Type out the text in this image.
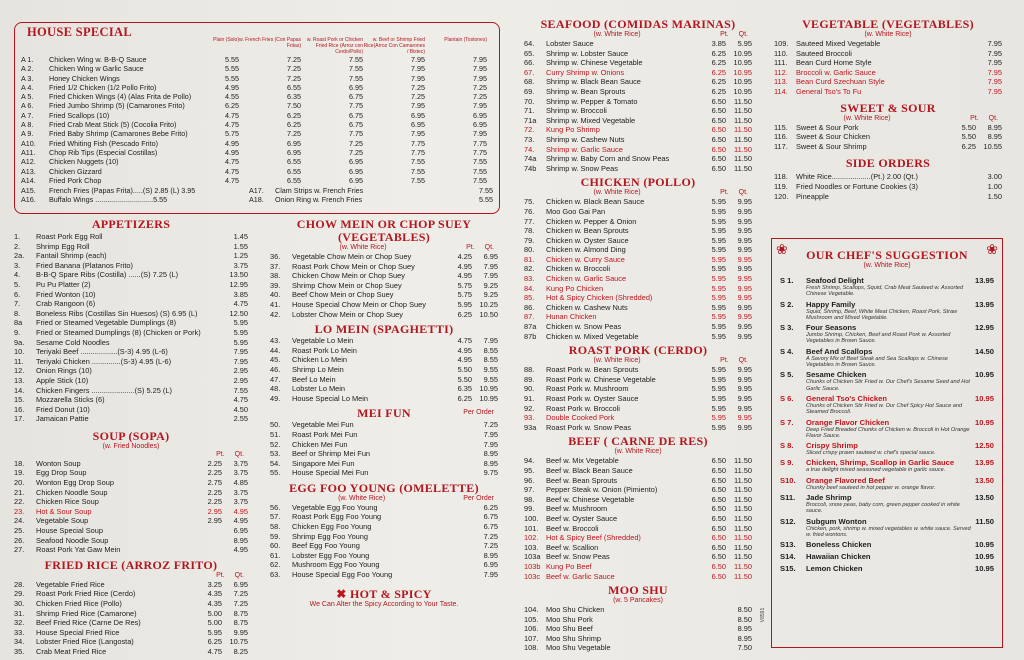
HOUSE SPECIAL
Plain (Solo) w. French Fries (Con Papas Fritas)
w. Roast Pork or Chicken Fried Rice (Arroz con Cerdo/Pollo)
w. Beef or Shrimp Fried Rice(Arroz Con Camarones / Bistec)
Plantain (Tostones)
A 1.	Chicken Wing w. B-B-Q Sauce	5.55	7.25	7.55	7.95	7.95
A 2.	Chicken Wing w Garlic Sauce	5.55	7.25	7.55	7.95	7.95
A 3.	Honey Chicken Wings	5.55	7.25	7.55	7.95	7.95
A 4.	Fried 1/2 Chicken (1/2 Pollo Frito)	4.95	6.55	6.95	7.25	7.25
A 5.	Fried Chicken Wings (4) (Alas Frita de Pollo)	4.55	6.35	6.75	7.25	7.25
A 6.	Fried Jumbo Shrimp (5) (Camarones Frito)	6.25	7.50	7.75	7.95	7.95
A 7.	Fried Scallops (10)	4.75	6.25	6.75	6.95	6.95
A 8.	Fried Crab Meat Stick (5) (Cocolia Frito)	4.75	6.25	6.75	6.95	6.95
A 9.	Fried Baby Shrimp (Camarones Bebe Frito)	5.75	7.25	7.75	7.95	7.95
A10.	Fried Whiting Fish (Pescado Frito)	4.95	6.95	7.25	7.75	7.75
A11.	Chop Rib Tips (Especial Costillas)	4.95	6.95	7.25	7.75	7.75
A12.	Chicken Nuggets (10)	4.75	6.55	6.95	7.55	7.55
A13.	Chicken Gizzard	4.75	6.55	6.95	7.55	7.55
A14.	Fried Pork Chop	4.75	6.55	6.95	7.55	7.55
A15.	French Fries (Papas Frita).....(S) 2.85 (L) 3.95	A17.	Clam Strips w. French Fries	7.55
A16.	Buffalo Wings .............................5.55	A18.	Onion Ring w. French Fries	5.55
APPETIZERS
1.	Roast Pork Egg Roll	1.45
2.	Shrimp Egg Roll	1.55
2a.	Fantail Shrimp (each)	1.25
3.	Fried Banana (Platanos Frito)	3.75
4.	B-B-Q Spare Ribs (Costilla) ......(S) 7.25 (L)	13.50
5.	Pu Pu Platter (2)	12.95
6.	Fried Wonton (10)	3.85
7.	Crab Rangoon (6)	4.75
8.	Boneless Ribs (Costillas Sin Huesos) (S) 6.95 (L)	12.50
8a	Fried or Steamed Vegetable Dumplings (8)	5.95
9.	Fried or Steamed Dumplings (8) (Chicken or Pork)	5.95
9a.	Sesame Cold Noodles	5.95
10.	Teriyaki Beef ..................(S-3) 4.95 (L-6)	7.95
11.	Teriyaki Chicken ..............(S-3) 4.95 (L-6)	7.95
12.	Onion Rings (10)	2.95
13.	Apple Stick (10)	2.95
14.	Chicken Fingers .....................(S) 5.25 (L)	7.55
15.	Mozzarella Sticks (6)	4.75
16.	Fried Donut (10)	4.50
17.	Jamaican Pattie	2.55
SOUP (SOPA)
(w. Fried Noodles)
Pt. Qt.
18.	Wonton Soup	2.25	3.75
19.	Egg Drop Soup	2.25	3.75
20.	Wonton Egg Drop Soup	2.75	4.85
21.	Chicken Noodle Soup	2.25	3.75
22.	Chicken Rice Soup	2.25	3.75
23.	Hot & Sour Soup	2.95	4.95
24.	Vegetable Soup	2.95	4.95
25.	House Special Soup	6.95
26.	Seafood Noodle Soup	8.95
27.	Roast Pork Yat Gaw Mein	4.95
FRIED RICE (ARROZ FRITO)
Pt. Qt.
28.	Vegetable Fried Rice	3.25	6.95
29.	Roast Pork Fried Rice (Cerdo)	4.35	7.25
30.	Chicken Fried Rice (Pollo)	4.35	7.25
31.	Shrimp Fried Rice (Camarone)	5.00	8.75
32.	Beef Fried Rice (Carne De Res)	5.00	8.75
33.	House Special Fried Rice	5.95	9.95
34.	Lobster Fried Rice (Langosta)	6.25	10.75
35.	Crab Meat Fried Rice	4.75	8.25
CHOW MEIN OR CHOP SUEY
(VEGETABLES)
(w. White Rice)	Pt. Qt.
36.	Vegetable Chow Mein or Chop Suey	4.25	6.95
37.	Roast Pork Chow Mein or Chop Suey	4.95	7.95
38.	Chicken Chow Mein or Chop Suey	4.95	7.95
39.	Shrimp Chow Mein or Chop Suey	5.75	9.25
40.	Beef Chow Mein or Chop Suey	5.75	9.25
41.	House Special Chow Mein or Chop Suey	5.95	10.25
42.	Lobster Chow Mein or Chop Suey	6.25	10.50
LO MEIN (SPAGHETTI)
43.	Vegetable Lo Mein	4.75	7.95
44.	Roast Pork Lo Mein	4.95	8.55
45.	Chicken Lo Mein	4.95	8.55
46.	Shrimp Lo Mein	5.50	9.55
47.	Beef Lo Mein	5.50	9.55
48.	Lobster Lo Mein	6.35	10.95
49.	House Special Lo Mein	6.25	10.95
MEI FUN	Per Order
50.	Vegetable Mei Fun	7.25
51.	Roast Pork Mei Fun	7.95
52.	Chicken Mei Fun	7.95
53.	Beef or Shrimp Mei Fun	8.95
54.	Singapore Mei Fun	8.95
55.	House Special Mei Fun	9.75
EGG FOO YOUNG (OMELETTE)
(w. White Rice)	Per Order
56.	Vegetable Egg Foo Young	6.25
57.	Roast Pork Egg Foo Young	6.75
58.	Chicken Egg Foo Young	6.75
59.	Shrimp Egg Foo Young	7.25
60.	Beef Egg Foo Young	7.25
61.	Lobster Egg Foo Young	8.95
62.	Mushroom Egg Foo Young	6.95
63.	House Special Egg Foo Young	7.95
✖ HOT & SPICY
We Can Alter the Spicy According to Your Taste.
SEAFOOD (COMIDAS MARINAS)
(w. White Rice)	Pt. Qt.
64.	Lobster Sauce	3.85	5.95
65.	Shrimp w. Lobster Sauce	6.25	10.95
66.	Shrimp w. Chinese Vegetable	6.25	10.95
67.	Curry Shrimp w. Onions	6.25	10.95
68.	Shrimp w. Black Bean Sauce	6.25	10.95
69.	Shrimp w. Bean Sprouts	6.25	10.95
70.	Shrimp w. Pepper & Tomato	6.50	11.50
71.	Shrimp w. Broccoli	6.50	11.50
71a	Shrimp w. Mixed Vegetable	6.50	11.50
72.	Kung Po Shrimp	6.50	11.50
73.	Shrimp w. Cashew Nuts	6.50	11.50
74.	Shrimp w. Garlic Sauce	6.50	11.50
74a	Shrimp w. Baby Corn and Snow Peas	6.50	11.50
74b	Shrimp w. Snow Peas	6.50	11.50
CHICKEN (POLLO)
(w. White Rice)	Pt. Qt.
75.	Chicken w. Black Bean Sauce	5.95	9.95
76.	Moo Goo Gai Pan	5.95	9.95
77.	Chicken w. Pepper & Onion	5.95	9.95
78.	Chicken w. Bean Sprouts	5.95	9.95
79.	Chicken w. Oyster Sauce	5.95	9.95
80.	Chicken w. Almond Ding	5.95	9.95
81.	Chicken w. Curry Sauce	5.95	9.95
82.	Chicken w. Broccoli	5.95	9.95
83.	Chicken w. Garlic Sauce	5.95	9.95
84.	Kung Po Chicken	5.95	9.95
85.	Hot & Spicy Chicken (Shredded)	5.95	9.95
86.	Chicken w. Cashew Nuts	5.95	9.95
87.	Hunan Chicken	5.95	9.95
87a	Chicken w. Snow Peas	5.95	9.95
87b	Chicken w. Mixed Vegetable	5.95	9.95
ROAST PORK (CERDO)
(w. White Rice)	Pt. Qt.
88.	Roast Pork w. Bean Sprouts	5.95	9.95
89.	Roast Pork w. Chinese Vegetable	5.95	9.95
90.	Roast Pork w. Mushroom	5.95	9.95
91.	Roast Pork w. Oyster Sauce	5.95	9.95
92.	Roast Pork w. Broccoli	5.95	9.95
93.	Double Cooked Pork	5.95	9.95
93a	Roast Pork w. Snow Peas	5.95	9.95
BEEF ( CARNE DE RES)
(w. White Rice)
94.	Beef w. Mix Vegetable	6.50	11.50
95.	Beef w. Black Bean Sauce	6.50	11.50
96.	Beef w. Bean Sprouts	6.50	11.50
97.	Pepper Steak w. Onion (Pimiento)	6.50	11.50
98.	Beef w. Chinese Vegetable	6.50	11.50
99.	Beef w. Mushroom	6.50	11.50
100.	Beef w. Oyster Sauce	6.50	11.50
101.	Beef w. Broccoli	6.50	11.50
102.	Hot & Spicy Beef (Shredded)	6.50	11.50
103.	Beef w. Scallion	6.50	11.50
103a Beef w. Snow Peas	6.50	11.50
103b Kung Po Beef	6.50	11.50
103c Beef w. Garlic Sauce	6.50	11.50
MOO SHU
(w. 5 Pancakes)
104.	Moo Shu Chicken	8.50
105.	Moo Shu Pork	8.50
106.	Moo Shu Beef	8.95
107.	Moo Shu Shrimp	8.95
108.	Moo Shu Vegetable	7.50
V8591
VEGETABLE (VEGETABLES)
(w. White Rice)
109.	Sauteed Mixed Vegetable	7.95
110.	Sauteed Broccoli	7.95
111.	Bean Curd Home Style	7.95
112.	Broccoli w. Garlic Sauce	7.95
113.	Bean Curd Szechuan Style	7.95
114.	General Tso's To Fu	7.95
SWEET & SOUR
(w. White Rice)	Pt. Qt.
115.	Sweet & Sour Pork	5.50	8.95
116.	Sweet & Sour Chicken	5.50	8.95
117.	Sweet & Sour Shrimp	6.25	10.55
SIDE ORDERS
118.	White Rice...................(Pt.) 2.00 (Qt.)	3.00
119.	Fried Noodles or Fortune Cookies (3)	1.00
120.	Pineapple	1.50
❀	❀
OUR CHEF'S SUGGESTION
(w. White Rice)
S 1.	Seafood Delight	13.95
Fresh Shrimp, Scallops, Squid, Crab Meat Sauteed w. Assorted Chinese Vegetable.
S 2.	Happy Family	13.95
Squid, Shrimp, Beef, White Meat Chicken, Roast Pork, Straw Mushroom and Mixed Vegetable.
S 3.	Four Seasons	12.95
Jumbo Shrimp, Chicken, Beef and Roast Pork w. Assorted Vegetables in Brown Sauce.
S 4.	Beef And Scallops	14.50
A Savory Mix of Beef Steak and Sea Scallops w. Chinese Vegetables in Brown Sauce.
S 5.	Sesame Chicken	10.95
Chunks of Chicken Stir Fried w. Our Chef's Sesame Seed and Hot Garlic Sauce.
S 6.	General Tso's Chicken	10.95
Chunks of Chicken Stir Fried w. Our Chef Spicy Hot Sauce and Steamed Broccoli.
S 7.	Orange Flavor Chicken	10.95
Deep Fried Breaded Chunks of Chicken w. Broccoli in Hot Orange Flavor Sauce.
S 8.	Crispy Shrimp	12.50
Sliced crispy prawn sauteed w. chef's special sauce.
S 9.	Chicken, Shrimp, Scallop in Garlic Sauce	13.95
a true delight mixed seasoned vegetable in garlic sauce.
S10.	Orange Flavored Beef	13.50
Chunky beef sauteed in hot pepper w. orange flavor.
S11.	Jade Shrimp	13.50
Broccoli, snow peas, baby corn, green pepper cooked in white sauce.
S12.	Subgum Wonton	11.50
Chicken, pork, shrimp w. mixed vegetables w. white sauce. Served w. fried wontons.
S13.	Boneless Chicken	10.95
S14.	Hawaiian Chicken	10.95
S15.	Lemon Chicken	10.95
